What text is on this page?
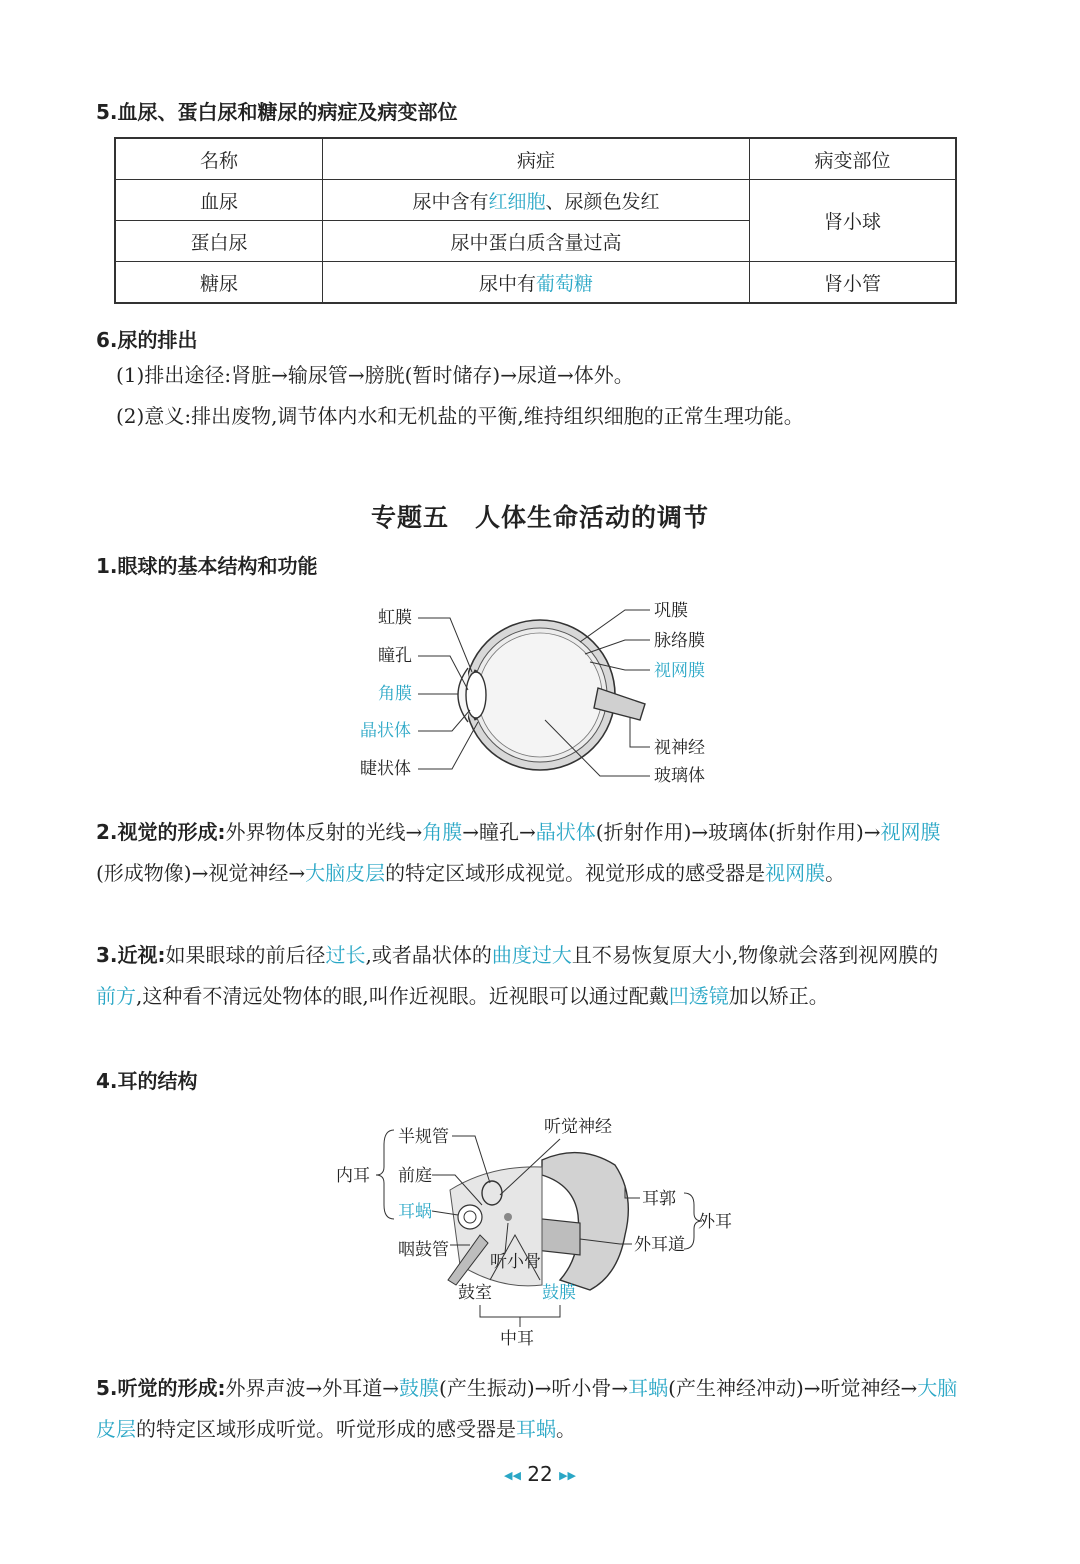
5.血尿、蛋白尿和糖尿的病症及病变部位
名称	病症	病变部位
血尿	尿中含有红细胞、尿颜色发红	肾小球
蛋白尿	尿中蛋白质含量过高	
糖尿	尿中有葡萄糖	肾小管
6.尿的排出
(1)排出途径:肾脏→输尿管→膀胱(暂时储存)→尿道→体外。
(2)意义:排出废物,调节体内水和无机盐的平衡,维持组织细胞的正常生理功能。
专题五　人体生命活动的调节
1.眼球的基本结构和功能
虹膜
瞳孔
角膜
晶状体
睫状体
巩膜
脉络膜
视网膜
视神经
玻璃体
2.视觉的形成:外界物体反射的光线→角膜→瞳孔→晶状体(折射作用)→玻璃体(折射作用)→视网膜(形成物像)→视觉神经→大脑皮层的特定区域形成视觉。视觉形成的感受器是视网膜。
3.近视:如果眼球的前后径过长,或者晶状体的曲度过大且不易恢复原大小,物像就会落到视网膜的前方,这种看不清远处物体的眼,叫作近视眼。近视眼可以通过配戴凹透镜加以矫正。
4.耳的结构
半规管
前庭
耳蜗
内耳
咽鼓管
听觉神经
听小骨
鼓室	鼓膜
中耳
耳郭
外耳道
外耳
5.听觉的形成:外界声波→外耳道→鼓膜(产生振动)→听小骨→耳蜗(产生神经冲动)→听觉神经→大脑皮层的特定区域形成听觉。听觉形成的感受器是耳蜗。
◀◀ 22 ▶▶
